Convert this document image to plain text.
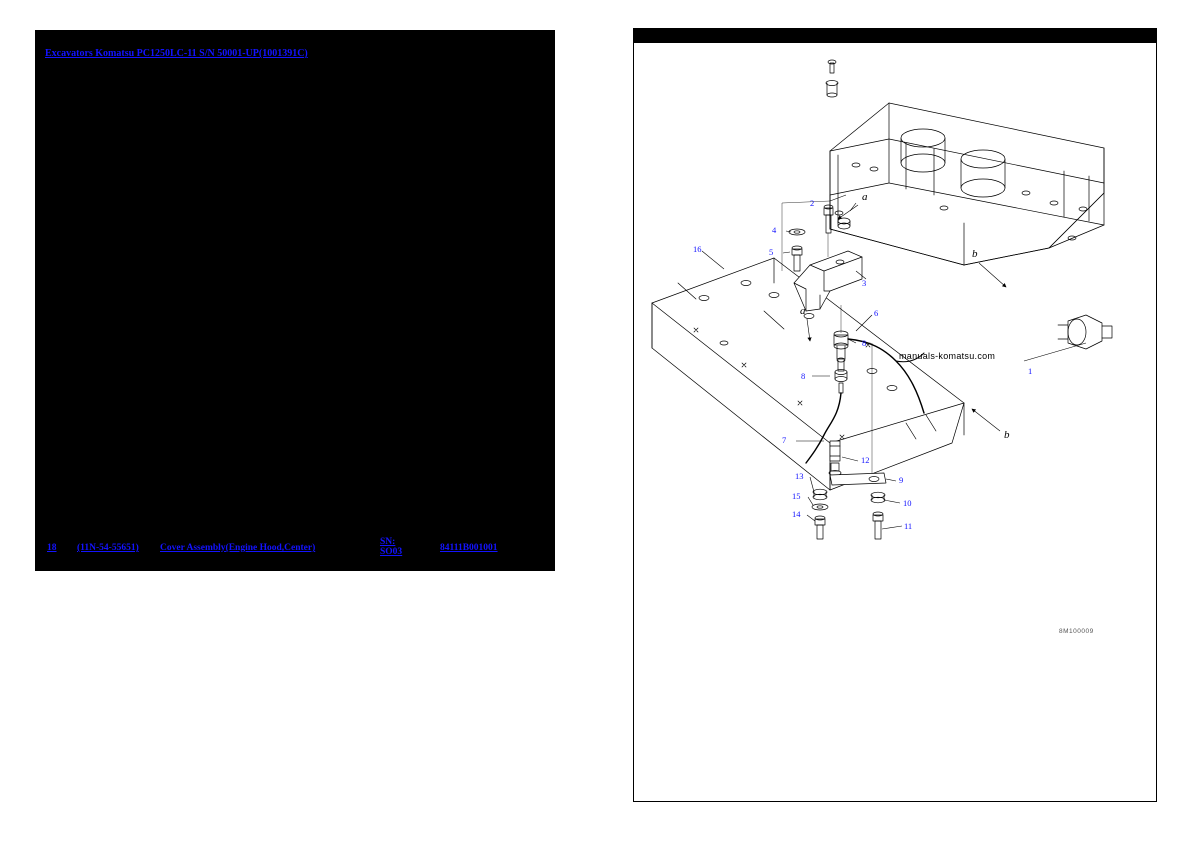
Excavators Komatsu PC1250LC-11 S/N 50001-UP(1001391C)
18 (11N-54-55651) Cover Assembly(Engine Hood,Center)
SN:
SO03	84111B001001
1
2
3
4
5
6
7
8
8
9
10
11
12
13
14
15
16
a
a
b
b
manuals-komatsu.com
8M100009
